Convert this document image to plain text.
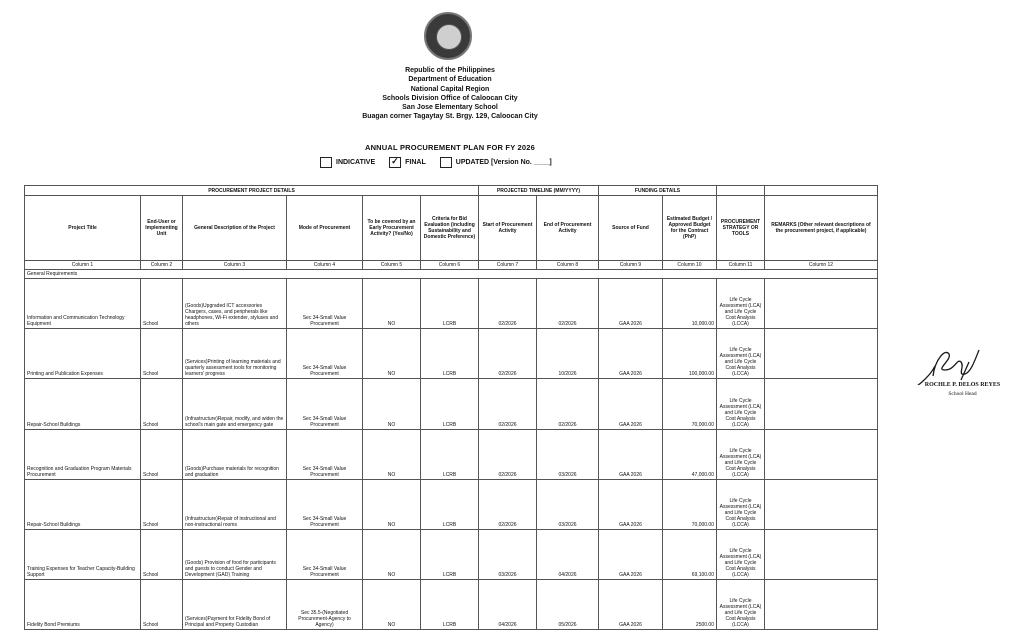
Republic of the Philippines
Department of Education
National Capital Region
Schools Division Office of Caloocan City
San Jose Elementary School
Buagan corner Tagaytay St. Brgy. 129, Caloocan City
ANNUAL PROCUREMENT PLAN FOR FY 2026
INDICATIVE ✓	FINAL	UPDATED [Version No. ____]
PROCUREMENT PROJECT DETAILS						PROJECTED TIMELINE (MM/YYYY)		FUNDING DETAILS			
Project Title	End-User or Implementing Unit	General Description of the Project	Mode of Procurement	To be covered by an Early Procurement Activity? (Yes/No)	Criteria for Bid Evaluation (including Sustainability and Domestic Preference)	Start of Procurement Activity	End of Procurement Activity	Source of Fund	Estimated Budget / Approved Budget for the Contract (PhP)	PROCUREMENT STRATEGY OR TOOLS	REMARKS (Other relevant descriptions of the procurement project, if applicable)
Column 1	Column 2	Column 3	Column 4	Column 5	Column 6	Column 7	Column 8	Column 9	Column 10	Column 11	Column 12
General Requirements											
Information and Communication Technology Equipment	School	(Goods)Upgraded ICT accessories Chargers, cases, and peripherals like headphones, Wi-Fi extender, styluses and others	Sec 34-Small Value Procurement	NO	LCRB	02/2026	02/2026	GAA 2026	10,000.00	Life Cycle Assessment (LCA) and Life Cycle Cost Analysis (LCCA)	
Printing and Publication Expenses	School	(Services)Printing of learning materials and quarterly assessment tools for monitoring learners' progress	Sec 34-Small Value Procurement	NO	LCRB	02/2026	10/2026	GAA 2026	100,000.00	Life Cycle Assessment (LCA) and Life Cycle Cost Analysis (LCCA)	
Repair-School Buildings	School	(Infrastructure)Repair, modify, and widen the school's main gate and emergency gate	Sec 34-Small Value Procurement	NO	LCRB	02/2026	02/2026	GAA 2026	70,000.00	Life Cycle Assessment (LCA) and Life Cycle Cost Analysis (LCCA)	
Recognition and Graduation Program Materials Procurement	School	(Goods)Purchase materials for recognition and graduation	Sec 34-Small Value Procurement	NO	LCRB	02/2026	03/2026	GAA 2026	47,000.00	Life Cycle Assessment (LCA) and Life Cycle Cost Analysis (LCCA)	
Repair-School Buildings	School	(Infrastructure)Repair of instructional and non-instructional rooms	Sec 34-Small Value Procurement	NO	LCRB	02/2026	03/2026	GAA 2026	70,000.00	Life Cycle Assessment (LCA) and Life Cycle Cost Analysis (LCCA)	
Training Expenses for Teacher Capacity-Building Support	School	(Goods) Provision of food for participants and guests to conduct Gender and Development (GAD) Training	Sec 34-Small Value Procurement	NO	LCRB	03/2026	04/2026	GAA 2026	69,100.00	Life Cycle Assessment (LCA) and Life Cycle Cost Analysis (LCCA)	
Fidelity Bond Premiums	School	(Services)Payment for Fidelity Bond of Principal and Property Custodian	Sec 35.5-(Negotiated Procurement-Agency to Agency)	NO	LCRB	04/2026	05/2026	GAA 2026	2500.00	Life Cycle Assessment (LCA) and Life Cycle Cost Analysis (LCCA)	
ROCHLE P. DELOS REYES
School Head
